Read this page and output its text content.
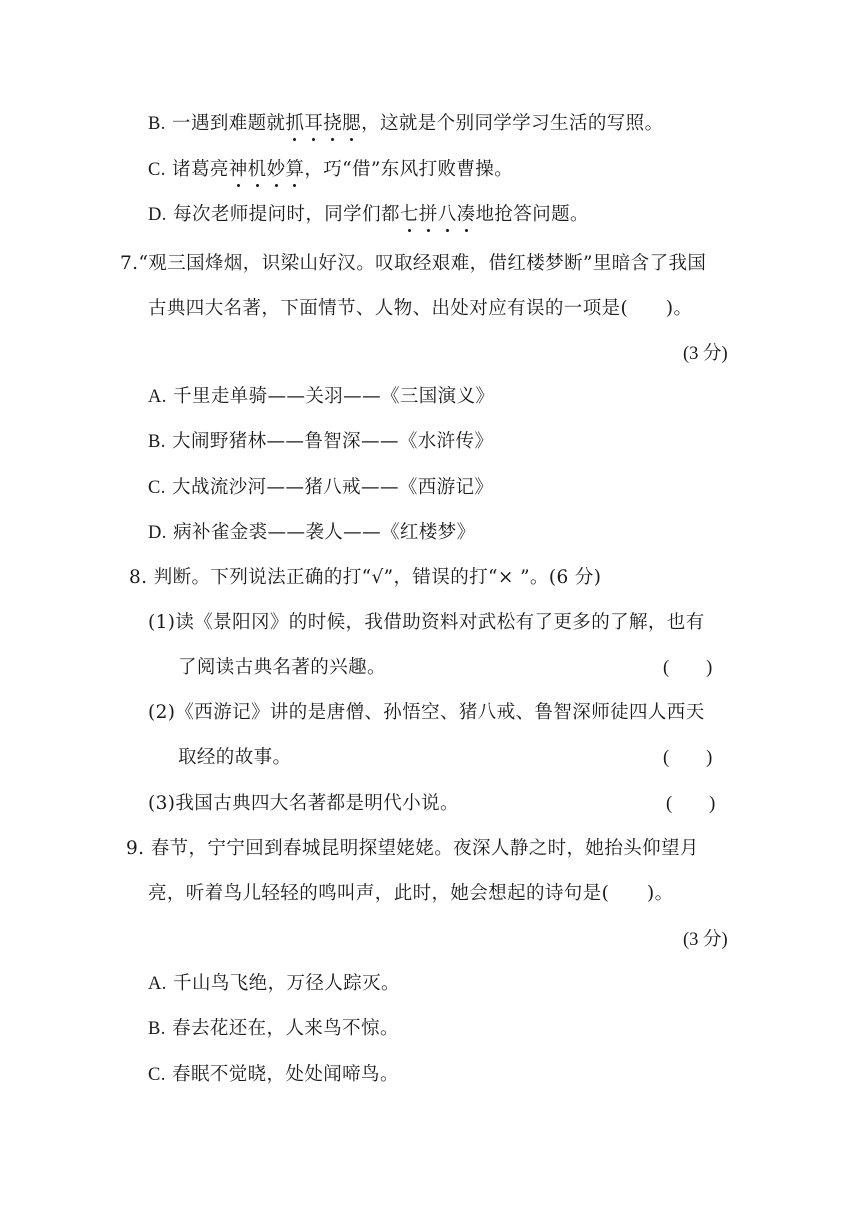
B. 一遇到难题就抓耳挠腮，这就是个别同学学习生活的写照。
C. 诸葛亮神机妙算，巧“借”东风打败曹操。
D. 每次老师提问时，同学们都七拼八凑地抢答问题。
7.“观三国烽烟，识梁山好汉。叹取经艰难，借红楼梦断”里暗含了我国
古典四大名著，下面情节、人物、出处对应有误的一项是(　　)。
(3 分)
A. 千里走单骑——关羽——《三国演义》
B. 大闹野猪林——鲁智深——《水浒传》
C. 大战流沙河——猪八戒——《西游记》
D. 病补雀金裘——袭人——《红楼梦》
8. 判断。下列说法正确的打“√”，错误的打“× ”。(6 分)
(1)读《景阳冈》的时候，我借助资料对武松有了更多的了解，也有
了阅读古典名著的兴趣。	(　　)
(2)《西游记》讲的是唐僧、孙悟空、猪八戒、鲁智深师徒四人西天
取经的故事。	(　　)
(3)我国古典四大名著都是明代小说。	(　　)
9. 春节，宁宁回到春城昆明探望姥姥。夜深人静之时，她抬头仰望月
亮，听着鸟儿轻轻的鸣叫声，此时，她会想起的诗句是(　　)。
(3 分)
A. 千山鸟飞绝，万径人踪灭。
B. 春去花还在，人来鸟不惊。
C. 春眠不觉晓，处处闻啼鸟。
